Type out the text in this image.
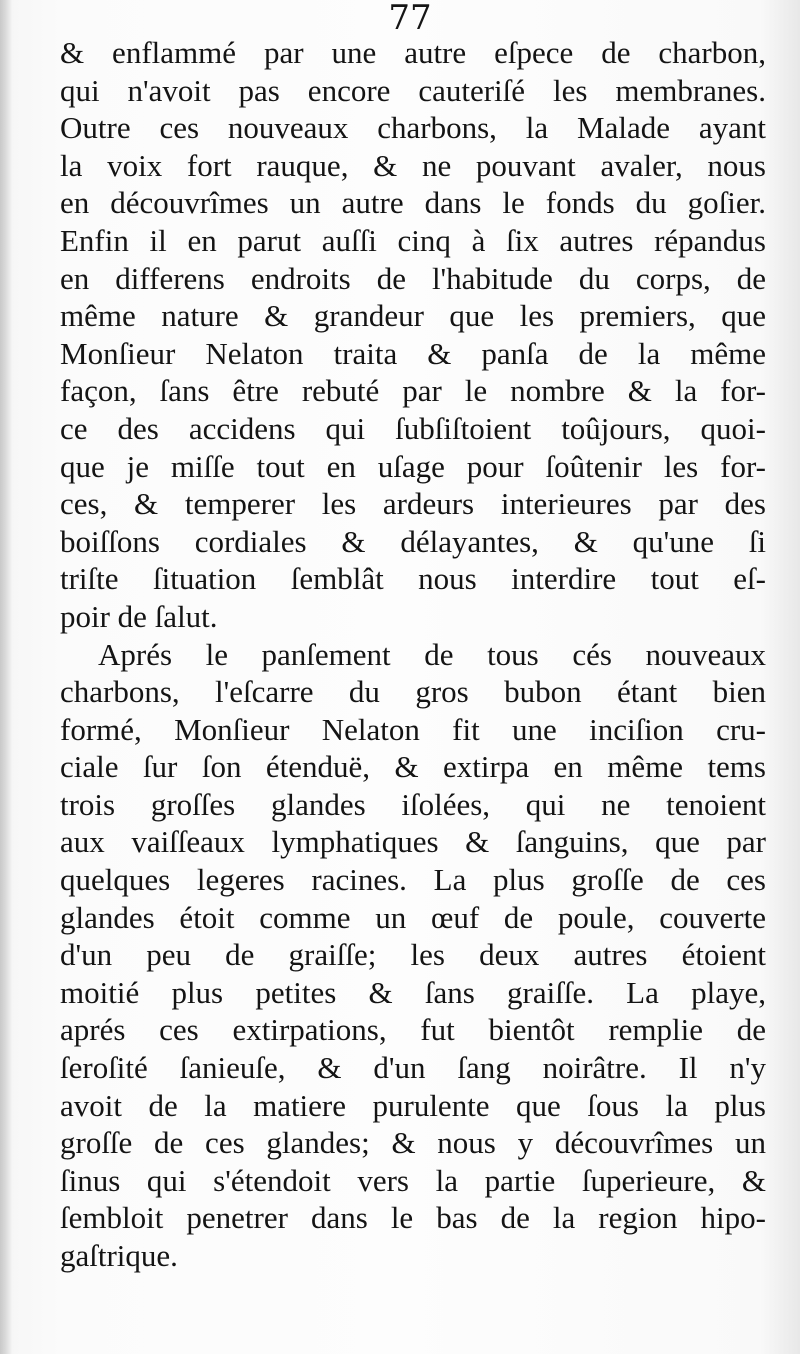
77
& enflammé par une autre eſpece de charbon,
qui n'avoit pas encore cauteriſé les membranes.
Outre ces nouveaux charbons, la Malade ayant
la voix fort rauque, & ne pouvant avaler, nous
en découvrîmes un autre dans le fonds du goſier.
Enfin il en parut auſſi cinq à ſix autres répandus
en differens endroits de l'habitude du corps, de
même nature & grandeur que les premiers, que
Monſieur Nelaton traita & panſa de la même
façon, ſans être rebuté par le nombre & la for-
ce des accidens qui ſubſiſtoient toûjours, quoi-
que je miſſe tout en uſage pour ſoûtenir les for-
ces, & temperer les ardeurs interieures par des
boiſſons cordiales & délayantes, & qu'une ſi
triſte ſituation ſemblât nous interdire tout eſ-
poir de ſalut.
Aprés le panſement de tous cés nouveaux
charbons, l'eſcarre du gros bubon étant bien
formé, Monſieur Nelaton fit une inciſion cru-
ciale ſur ſon étenduë, & extirpa en même tems
trois groſſes glandes iſolées, qui ne tenoient
aux vaiſſeaux lymphatiques & ſanguins, que par
quelques legeres racines. La plus groſſe de ces
glandes étoit comme un œuf de poule, couverte
d'un peu de graiſſe; les deux autres étoient
moitié plus petites & ſans graiſſe. La playe,
aprés ces extirpations, fut bientôt remplie de
ſeroſité ſanieuſe, & d'un ſang noirâtre. Il n'y
avoit de la matiere purulente que ſous la plus
groſſe de ces glandes; & nous y découvrîmes un
ſinus qui s'étendoit vers la partie ſuperieure, &
ſembloit penetrer dans le bas de la region hipo-
gaſtrique.
